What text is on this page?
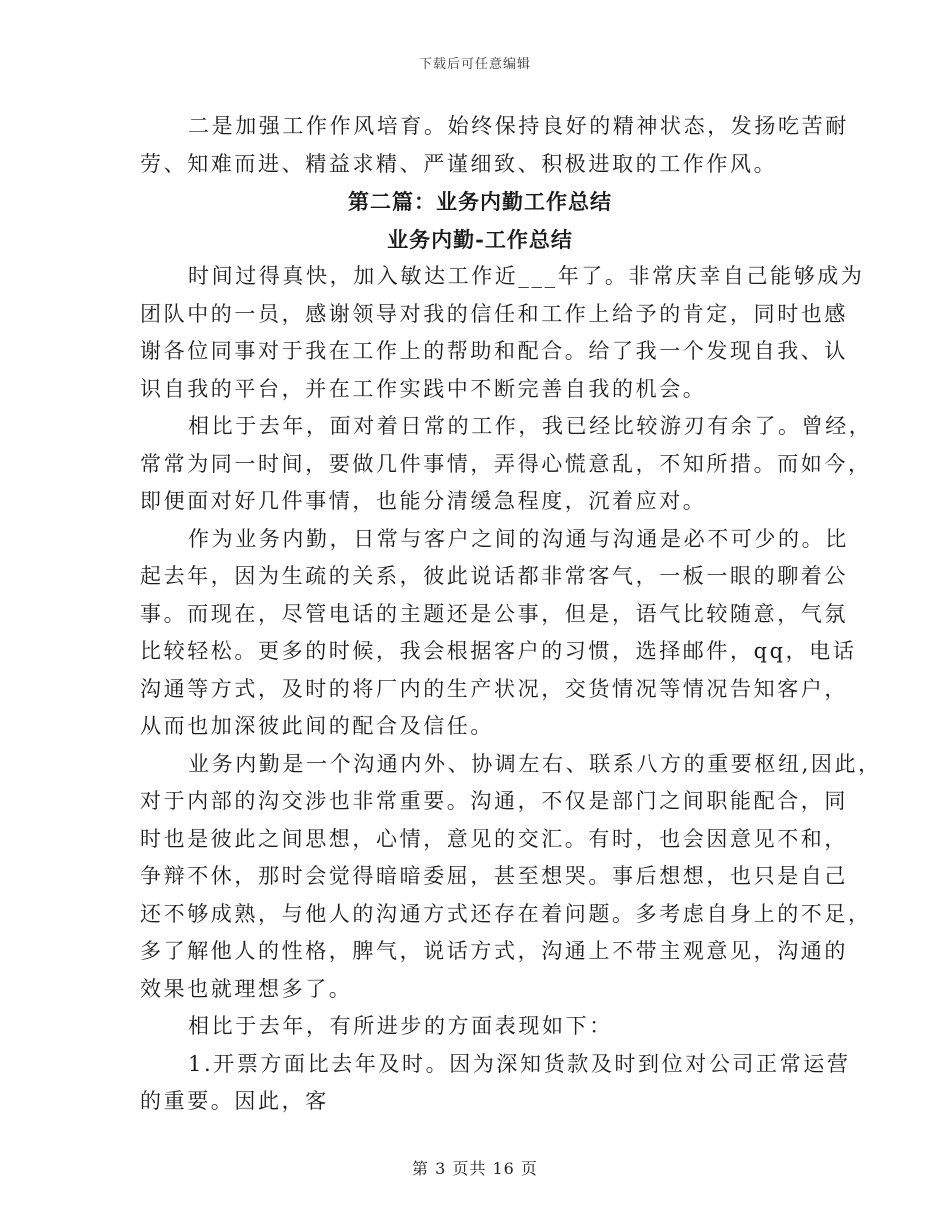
下载后可任意编辑
二是加强工作作风培育。始终保持良好的精神状态，发扬吃苦耐
劳、知难而进、精益求精、严谨细致、积极进取的工作作风。
第二篇：业务内勤工作总结
业务内勤-工作总结
时间过得真快，加入敏达工作近___年了。非常庆幸自己能够成为
团队中的一员，感谢领导对我的信任和工作上给予的肯定，同时也感
谢各位同事对于我在工作上的帮助和配合。给了我一个发现自我、认
识自我的平台，并在工作实践中不断完善自我的机会。
相比于去年，面对着日常的工作，我已经比较游刃有余了。曾经，
常常为同一时间，要做几件事情，弄得心慌意乱，不知所措。而如今，
即便面对好几件事情，也能分清缓急程度，沉着应对。
作为业务内勤，日常与客户之间的沟通与沟通是必不可少的。比
起去年，因为生疏的关系，彼此说话都非常客气，一板一眼的聊着公
事。而现在，尽管电话的主题还是公事，但是，语气比较随意，气氛
比较轻松。更多的时候，我会根据客户的习惯，选择邮件，qq，电话
沟通等方式，及时的将厂内的生产状况，交货情况等情况告知客户，
从而也加深彼此间的配合及信任。
业务内勤是一个沟通内外、协调左右、联系八方的重要枢纽,因此，
对于内部的沟交涉也非常重要。沟通，不仅是部门之间职能配合，同
时也是彼此之间思想，心情，意见的交汇。有时，也会因意见不和，
争辩不休，那时会觉得暗暗委屈，甚至想哭。事后想想，也只是自己
还不够成熟，与他人的沟通方式还存在着问题。多考虑自身上的不足，
多了解他人的性格，脾气，说话方式，沟通上不带主观意见，沟通的
效果也就理想多了。
相比于去年，有所进步的方面表现如下：
1.开票方面比去年及时。因为深知货款及时到位对公司正常运营
的重要。因此，客
第 3 页共 16 页
